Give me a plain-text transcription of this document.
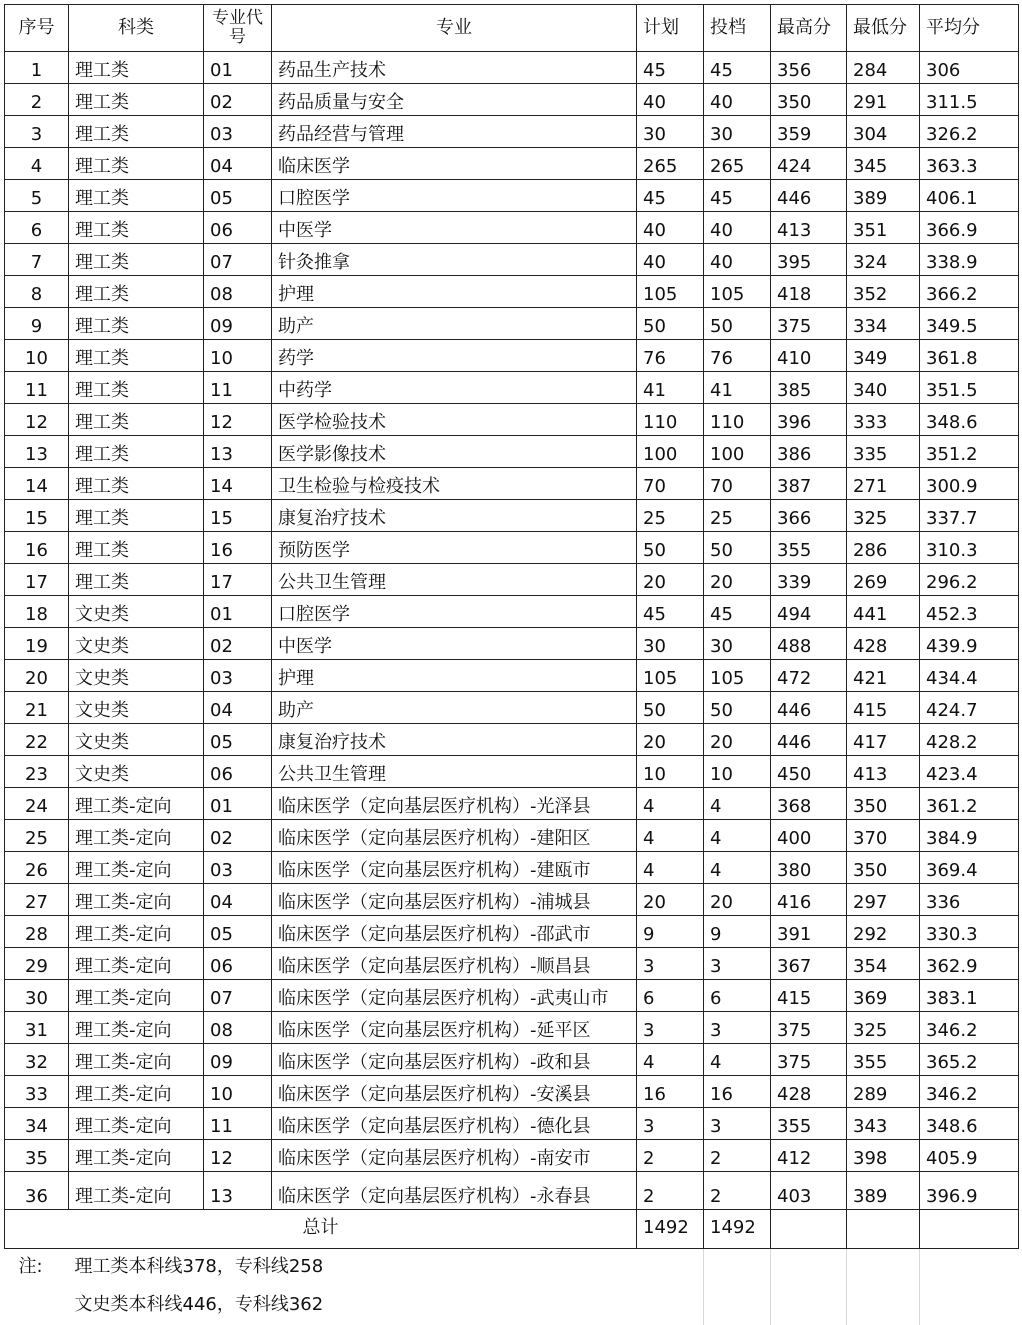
序号	科类	专业代号	专业	计划	投档	最高分	最低分	平均分
1	理工类	01	药品生产技术	45	45	356	284	306
2	理工类	02	药品质量与安全	40	40	350	291	311.5
3	理工类	03	药品经营与管理	30	30	359	304	326.2
4	理工类	04	临床医学	265	265	424	345	363.3
5	理工类	05	口腔医学	45	45	446	389	406.1
6	理工类	06	中医学	40	40	413	351	366.9
7	理工类	07	针灸推拿	40	40	395	324	338.9
8	理工类	08	护理	105	105	418	352	366.2
9	理工类	09	助产	50	50	375	334	349.5
10	理工类	10	药学	76	76	410	349	361.8
11	理工类	11	中药学	41	41	385	340	351.5
12	理工类	12	医学检验技术	110	110	396	333	348.6
13	理工类	13	医学影像技术	100	100	386	335	351.2
14	理工类	14	卫生检验与检疫技术	70	70	387	271	300.9
15	理工类	15	康复治疗技术	25	25	366	325	337.7
16	理工类	16	预防医学	50	50	355	286	310.3
17	理工类	17	公共卫生管理	20	20	339	269	296.2
18	文史类	01	口腔医学	45	45	494	441	452.3
19	文史类	02	中医学	30	30	488	428	439.9
20	文史类	03	护理	105	105	472	421	434.4
21	文史类	04	助产	50	50	446	415	424.7
22	文史类	05	康复治疗技术	20	20	446	417	428.2
23	文史类	06	公共卫生管理	10	10	450	413	423.4
24	理工类-定向	01	临床医学（定向基层医疗机构）-光泽县	4	4	368	350	361.2
25	理工类-定向	02	临床医学（定向基层医疗机构）-建阳区	4	4	400	370	384.9
26	理工类-定向	03	临床医学（定向基层医疗机构）-建瓯市	4	4	380	350	369.4
27	理工类-定向	04	临床医学（定向基层医疗机构）-浦城县	20	20	416	297	336
28	理工类-定向	05	临床医学（定向基层医疗机构）-邵武市	9	9	391	292	330.3
29	理工类-定向	06	临床医学（定向基层医疗机构）-顺昌县	3	3	367	354	362.9
30	理工类-定向	07	临床医学（定向基层医疗机构）-武夷山市	6	6	415	369	383.1
31	理工类-定向	08	临床医学（定向基层医疗机构）-延平区	3	3	375	325	346.2
32	理工类-定向	09	临床医学（定向基层医疗机构）-政和县	4	4	375	355	365.2
33	理工类-定向	10	临床医学（定向基层医疗机构）-安溪县	16	16	428	289	346.2
34	理工类-定向	11	临床医学（定向基层医疗机构）-德化县	3	3	355	343	348.6
35	理工类-定向	12	临床医学（定向基层医疗机构）-南安市	2	2	412	398	405.9
36	理工类-定向	13	临床医学（定向基层医疗机构）-永春县	2	2	403	389	396.9
总计				1492	1492			
注:	理工类本科线378，专科线258							
	文史类本科线446，专科线362							
